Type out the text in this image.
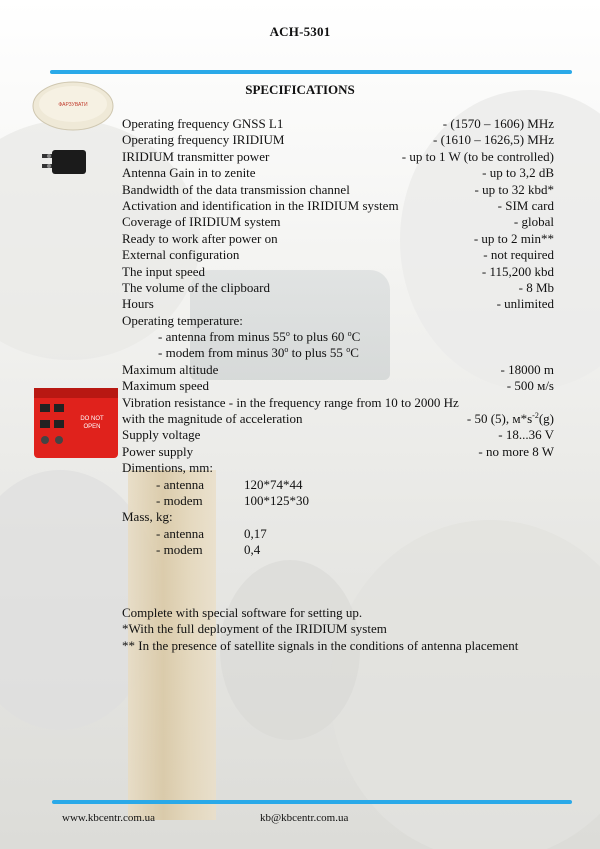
ACH-5301
ФАРЗУВАТИ
DO NOT
OPEN
SPECIFICATIONS
Operating frequency GNSS L1	- (1570 – 1606) MHz
Operating frequency IRIDIUM	- (1610 – 1626,5) MHz
IRIDIUM transmitter power	- up to 1 W (to be controlled)
Antenna Gain in to zenite	- up to 3,2 dB
Bandwidth of the data transmission channel	- up to 32 kbd*
Activation and identification in the IRIDIUM system	- SIM card
Coverage of IRIDIUM system	- global
Ready to work after power on	- up to 2 min**
External configuration	- not required
The input speed	- 115,200 kbd
The volume of the clipboard	- 8 Mb
Hours	- unlimited
Operating temperature:
- antenna from minus 55$^o$ to plus 60 $^o$C
- modem from minus 30$^o$ to plus 55 $^o$C
Maximum altitude	- 18000 m
Maximum speed	- 500 м/s
Vibration resistance - in the frequency range from 10 to 2000 Hz
with the magnitude of acceleration	- 50 (5), $м*s^{-2}(g)$
Supply voltage	- 18...36 V
Power supply	- no more 8 W
Dimentions, mm:
- antenna	120*74*44
- modem	100*125*30
Mass, kg:
- antenna	0,17
- modem	0,4

Complete with special software for setting up.

*With the full deployment of the IRIDIUM system

** In the presence of satellite signals in the conditions of antenna placement

www.kbcentr.com.ua	kb@kbcentr.com.ua
